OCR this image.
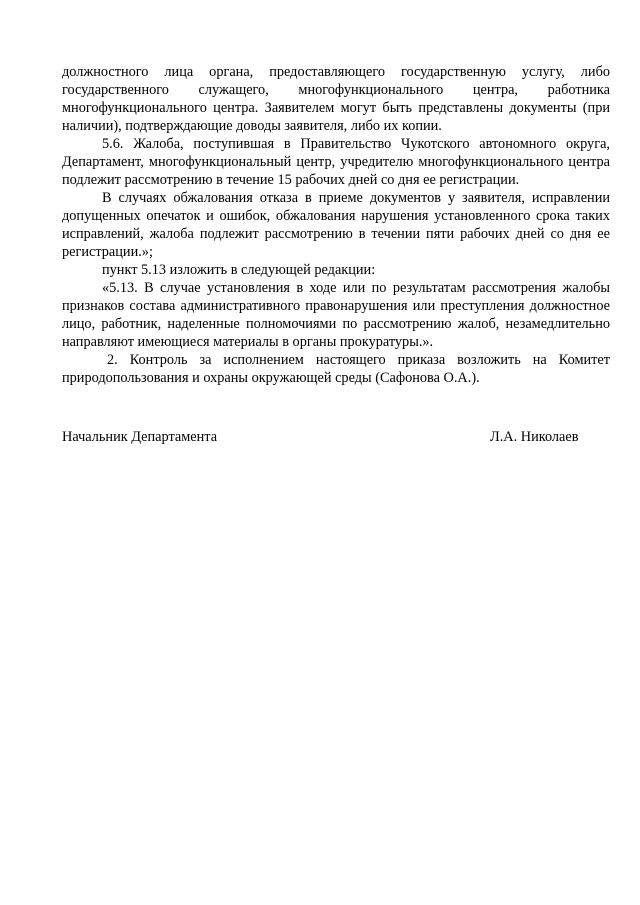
должностного лица органа, предоставляющего государственную услугу, либо государственного служащего, многофункционального центра, работника многофункционального центра. Заявителем могут быть представлены документы (при наличии), подтверждающие доводы заявителя, либо их копии.

5.6. Жалоба, поступившая в Правительство Чукотского автономного округа, Департамент, многофункциональный центр, учредителю многофункционального центра подлежит рассмотрению в течение 15 рабочих дней со дня ее регистрации.

В случаях обжалования отказа в приеме документов у заявителя, исправлении допущенных опечаток и ошибок, обжалования нарушения установленного срока таких исправлений, жалоба подлежит рассмотрению в течении пяти рабочих дней со дня ее регистрации.»;

пункт 5.13 изложить в следующей редакции:

«5.13. В случае установления в ходе или по результатам рассмотрения жалобы признаков состава административного правонарушения или преступления должностное лицо, работник, наделенные полномочиями по рассмотрению жалоб, незамедлительно направляют имеющиеся материалы в органы прокуратуры.».

2. Контроль за исполнением настоящего приказа возложить на Комитет природопользования и охраны окружающей среды (Сафонова О.А.).

Начальник Департамента	Л.А. Николаев
